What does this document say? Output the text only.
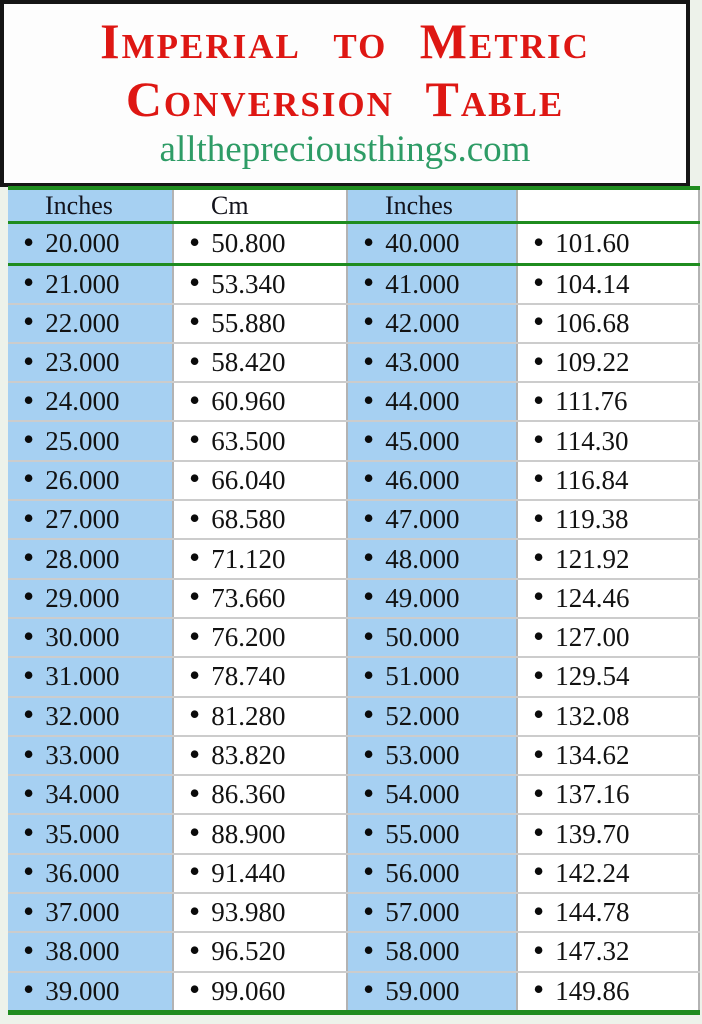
Imperial to Metric
Conversion Table
allthepreciousthings.com
Inches	Cm	Inches
• 20.000 • 50.800 • 40.000 • 101.60
• 21.000 • 53.340 • 41.000 • 104.14
• 22.000 • 55.880 • 42.000 • 106.68
• 23.000 • 58.420 • 43.000 • 109.22
• 24.000 • 60.960 • 44.000 • 111.76
• 25.000 • 63.500 • 45.000 • 114.30
• 26.000 • 66.040 • 46.000 • 116.84
• 27.000 • 68.580 • 47.000 • 119.38
• 28.000 • 71.120 • 48.000 • 121.92
• 29.000 • 73.660 • 49.000 • 124.46
• 30.000 • 76.200 • 50.000 • 127.00
• 31.000 • 78.740 • 51.000 • 129.54
• 32.000 • 81.280 • 52.000 • 132.08
• 33.000 • 83.820 • 53.000 • 134.62
• 34.000 • 86.360 • 54.000 • 137.16
• 35.000 • 88.900 • 55.000 • 139.70
• 36.000 • 91.440 • 56.000 • 142.24
• 37.000 • 93.980 • 57.000 • 144.78
• 38.000 • 96.520 • 58.000 • 147.32
• 39.000 • 99.060 • 59.000 • 149.86
